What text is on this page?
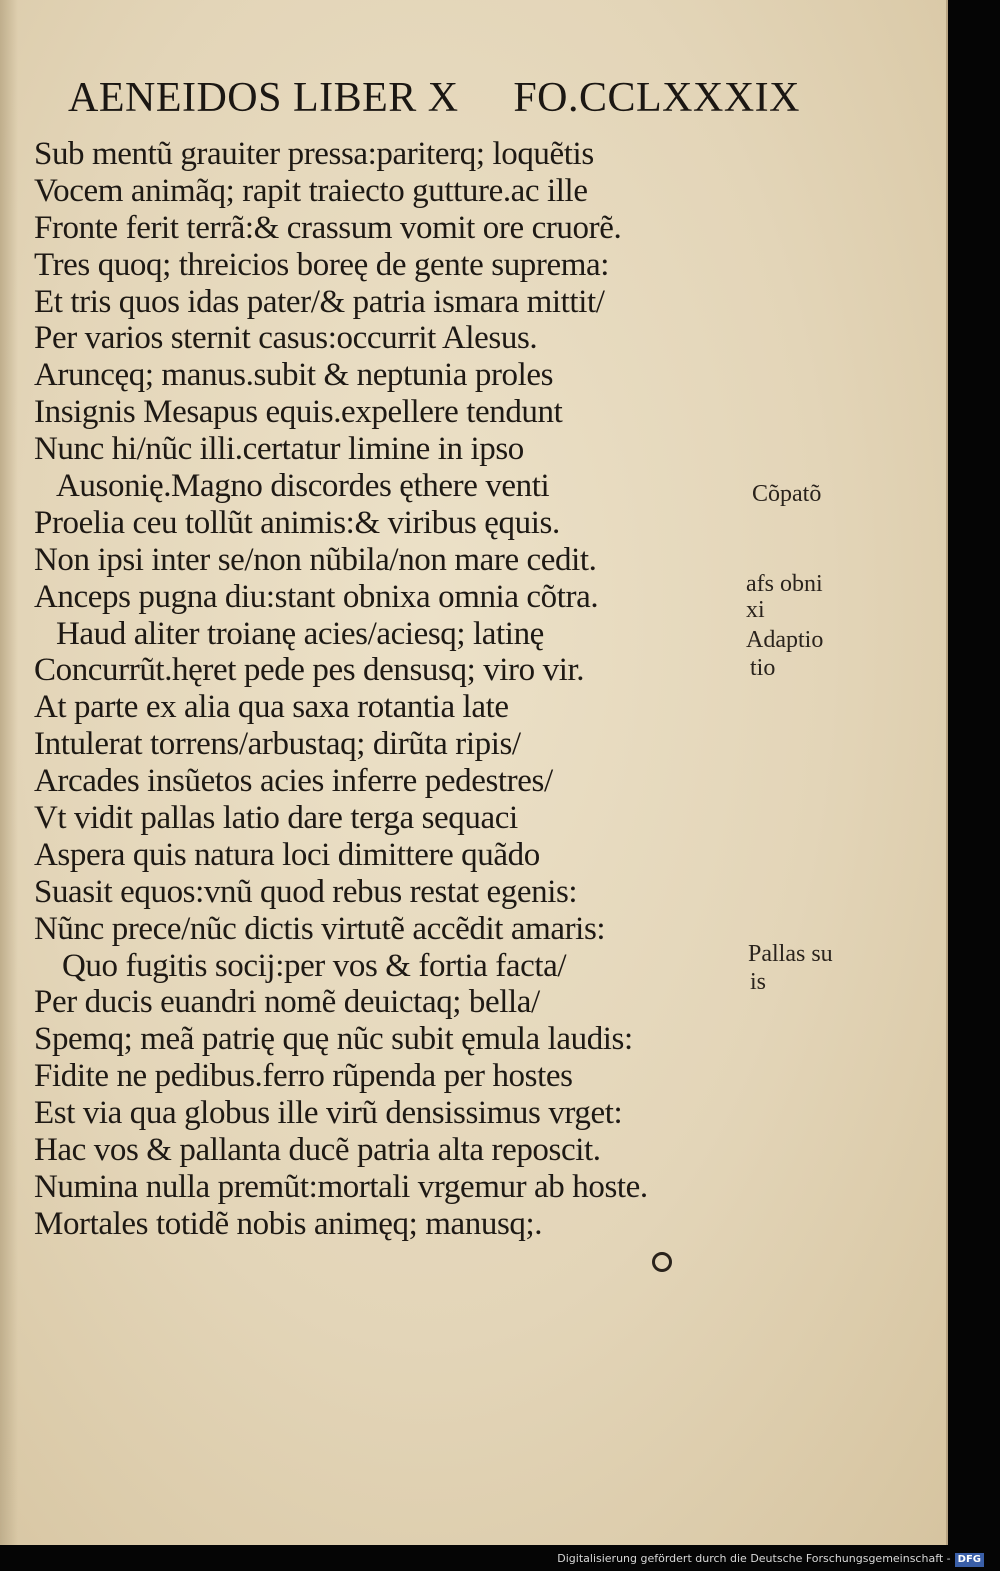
AENEIDOS LIBER X FO.CCLXXXIX
Sub mentũ grauiter pressa:pariterq; loquẽtis
Vocem animãq; rapit traiecto gutture.ac ille
Fronte ferit terrã:& crassum vomit ore cruorẽ.
Tres quoq; threicios boreę de gente suprema:
Et tris quos idas pater/& patria ismara mittit/
Per varios sternit casus:occurrit Alesus.
Aruncęq; manus.subit & neptunia proles
Insignis Mesapus equis.expellere tendunt
Nunc hi/nũc illi.certatur limine in ipso
Ausonię.Magno discordes ęthere venti
Proelia ceu tollũt animis:& viribus ęquis.
Non ipsi inter se/non nũbila/non mare cedit.
Anceps pugna diu:stant obnixa omnia cõtra.
Haud aliter troianę acies/aciesq; latinę
Concurrũt.hęret pede pes densusq; viro vir.
At parte ex alia qua saxa rotantia late
Intulerat torrens/arbustaq; dirũta ripis/
Arcades insũetos acies inferre pedestres/
Vt vidit pallas latio dare terga sequaci
Aspera quis natura loci dimittere quãdo
Suasit equos:vnũ quod rebus restat egenis:
Nũnc prece/nũc dictis virtutẽ accẽdit amaris:
Quo fugitis socij:per vos & fortia facta/
Per ducis euandri nomẽ deuictaq; bella/
Spemq; meã patrię quę nũc subit ęmula laudis:
Fidite ne pedibus.ferro rũpenda per hostes
Est via qua globus ille virũ densissimus vrget:
Hac vos & pallanta ducẽ patria alta reposcit.
Numina nulla premũt:mortali vrgemur ab hoste.
Mortales totidẽ nobis animęq; manusq;.
Cõpatõ
afs obni
xi
Adaptio
tio
Pallas su
is
Digitalisierung gefördert durch die Deutsche Forschungsgemeinschaft - DFG
